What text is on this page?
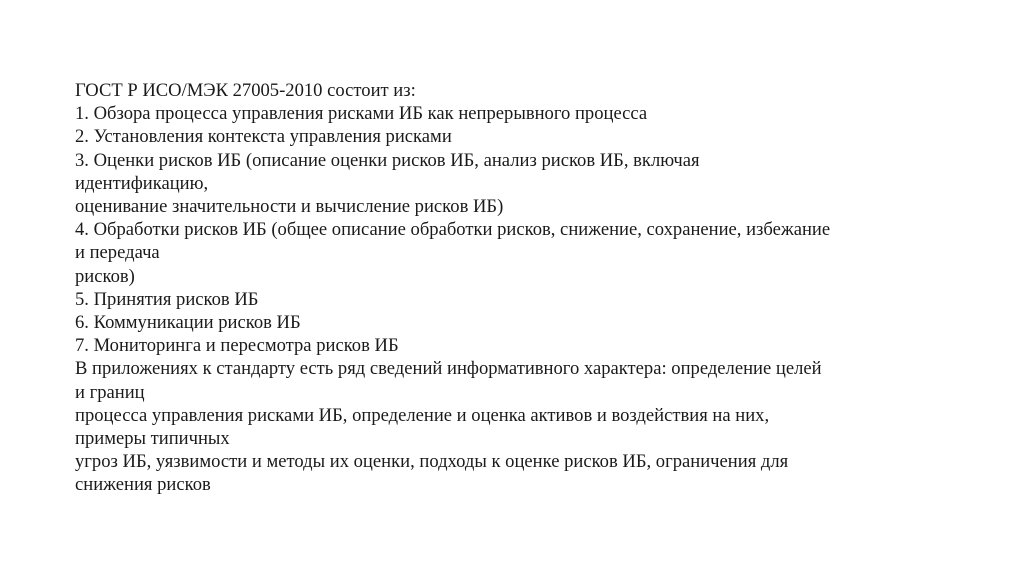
ГОСТ Р ИСО/МЭК 27005-2010 состоит из:
1. Обзора процесса управления рисками ИБ как непрерывного процесса
2. Установления контекста управления рисками
3. Оценки рисков ИБ (описание оценки рисков ИБ, анализ рисков ИБ, включая
идентификацию,
оценивание значительности и вычисление рисков ИБ)
4. Обработки рисков ИБ (общее описание обработки рисков, снижение, сохранение, избежание
и передача
рисков)
5. Принятия рисков ИБ
6. Коммуникации рисков ИБ
7. Мониторинга и пересмотра рисков ИБ
В приложениях к стандарту есть ряд сведений информативного характера: определение целей
и границ
процесса управления рисками ИБ, определение и оценка активов и воздействия на них,
примеры типичных
угроз ИБ, уязвимости и методы их оценки, подходы к оценке рисков ИБ, ограничения для
снижения рисков
